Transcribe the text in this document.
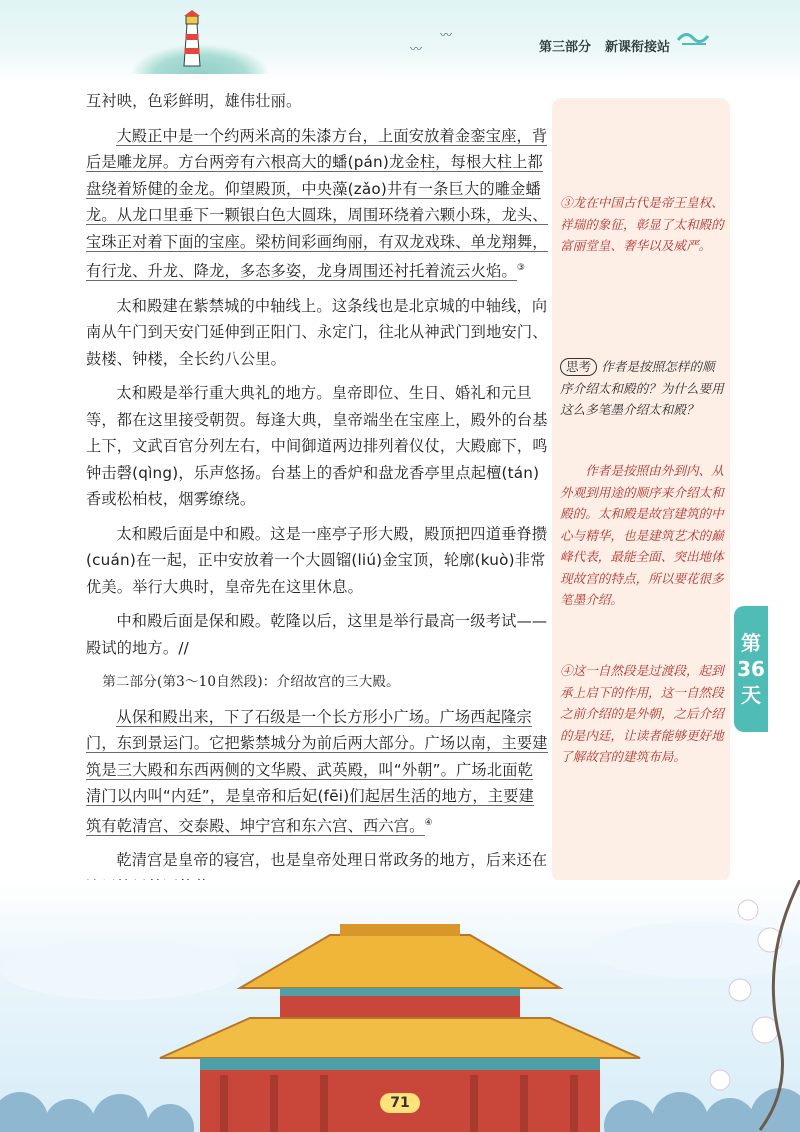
〰
〰
第三部分 新课衔接站

互衬映，色彩鲜明，雄伟壮丽。

大殿正中是一个约两米高的朱漆方台，上面安放着金銮宝座，背后是雕龙屏。方台两旁有六根高大的蟠(pán)龙金柱，每根大柱上都盘绕着矫健的金龙。仰望殿顶，中央藻(zǎo)井有一条巨大的雕金蟠龙。从龙口里垂下一颗银白色大圆珠，周围环绕着六颗小珠，龙头、宝珠正对着下面的宝座。梁枋间彩画绚丽，有双龙戏珠、单龙翔舞，有行龙、升龙、降龙，多态多姿，龙身周围还衬托着流云火焰。③

太和殿建在紫禁城的中轴线上。这条线也是北京城的中轴线，向南从午门到天安门延伸到正阳门、永定门，往北从神武门到地安门、鼓楼、钟楼，全长约八公里。

太和殿是举行重大典礼的地方。皇帝即位、生日、婚礼和元旦等，都在这里接受朝贺。每逢大典，皇帝端坐在宝座上，殿外的台基上下，文武百官分列左右，中间御道两边排列着仪仗，大殿廊下，鸣钟击磬(qìng)，乐声悠扬。台基上的香炉和盘龙香亭里点起檀(tán)香或松柏枝，烟雾缭绕。

太和殿后面是中和殿。这是一座亭子形大殿，殿顶把四道垂脊攒(cuán)在一起，正中安放着一个大圆镏(liú)金宝顶，轮廓(kuò)非常优美。举行大典时，皇帝先在这里休息。

中和殿后面是保和殿。乾隆以后，这里是举行最高一级考试——殿试的地方。//

第二部分(第3～10自然段)：介绍故宫的三大殿。

从保和殿出来，下了石级是一个长方形小广场。广场西起隆宗门，东到景运门。它把紫禁城分为前后两大部分。广场以南，主要建筑是三大殿和东西两侧的文华殿、武英殿，叫“外朝”。广场北面乾清门以内叫“内廷”，是皇帝和后妃(fēi)们起居生活的地方，主要建筑有乾清宫、交泰殿、坤宁宫和东六宫、西六宫。④

乾清宫是皇帝的寝宫，也是皇帝处理日常政务的地方，后来还在

③龙在中国古代是帝王皇权、祥瑞的象征，彰显了太和殿的富丽堂皇、奢华以及威严。
思考 作者是按照怎样的顺序介绍太和殿的？为什么要用这么多笔墨介绍太和殿？
作者是按照由外到内、从外观到用途的顺序来介绍太和殿的。太和殿是故宫建筑的中心与精华，也是建筑艺术的巅峰代表，最能全面、突出地体现故宫的特点，所以要花很多笔墨介绍。
④这一自然段是过渡段，起到承上启下的作用，这一自然段之前介绍的是外朝，之后介绍的是内廷，让读者能够更好地了解故宫的建筑布局。
第
36
天
71
